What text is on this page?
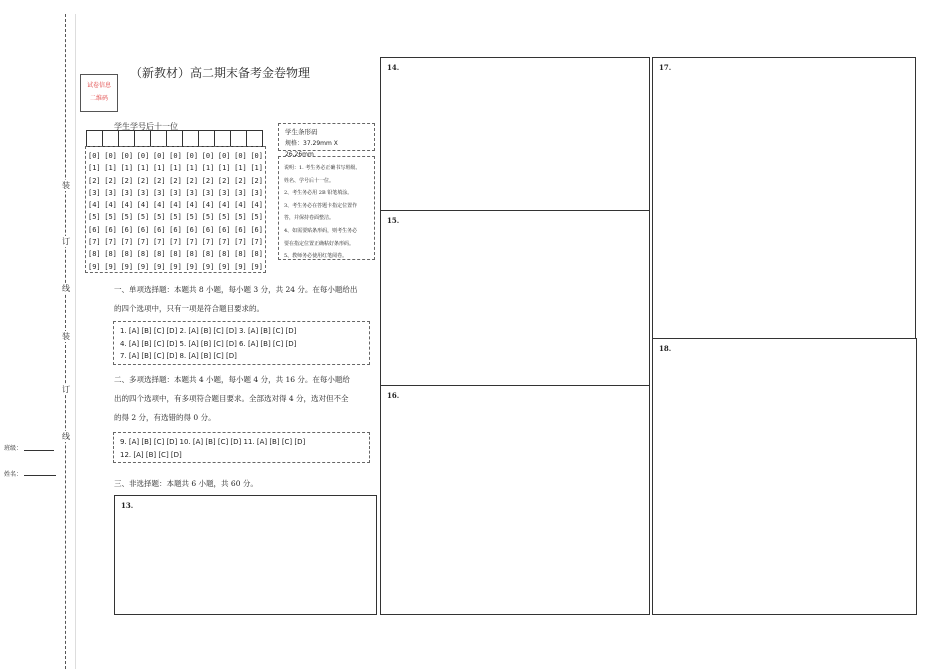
装
订
线
装
订
线
班级：
姓名：
试卷信息
二维码
（新教材）高二期末备考金卷物理
学生学号后十一位
[0] [0] [0] [0] [0] [0] [0] [0] [0] [0] [0]
[1] [1] [1] [1] [1] [1] [1] [1] [1] [1] [1]
[2] [2] [2] [2] [2] [2] [2] [2] [2] [2] [2]
[3] [3] [3] [3] [3] [3] [3] [3] [3] [3] [3]
[4] [4] [4] [4] [4] [4] [4] [4] [4] [4] [4]
[5] [5] [5] [5] [5] [5] [5] [5] [5] [5] [5]
[6] [6] [6] [6] [6] [6] [6] [6] [6] [6] [6]
[7] [7] [7] [7] [7] [7] [7] [7] [7] [7] [7]
[8] [8] [8] [8] [8] [8] [8] [8] [8] [8] [8]
[9] [9] [9] [9] [9] [9] [9] [9] [9] [9] [9]
学生条形码
规格：37.29mm X 26.26mm
说明：1. 考生务必正确书写班级、
姓名、学号后十一位。
2、考生务必用 2B 铅笔填涂。
3、考生务必在答题卡指定位置作
答，并保持卷面整洁。
4、如需要贴条形码，则考生务必
要在指定位置正确粘好条形码。
5、教师务必使用红笔阅卷。
一、单项选择题：本题共 8 小题，每小题 3 分，共 24 分。在每小题给出
的四个选项中，只有一项是符合题目要求的。
1. [A] [B] [C] [D] 2. [A] [B] [C] [D] 3. [A] [B] [C] [D]
4. [A] [B] [C] [D] 5. [A] [B] [C] [D] 6. [A] [B] [C] [D]
7. [A] [B] [C] [D] 8. [A] [B] [C] [D]
二、多项选择题：本题共 4 小题，每小题 4 分，共 16 分。在每小题给
出的四个选项中，有多项符合题目要求。全部选对得 4 分，选对但不全
的得 2 分，有选错的得 0 分。
9. [A] [B] [C] [D] 10. [A] [B] [C] [D] 11. [A] [B] [C] [D]
12. [A] [B] [C] [D]
三、非选择题：本题共 6 小题，共 60 分。
13.
14.
15.
16.
17.
18.
